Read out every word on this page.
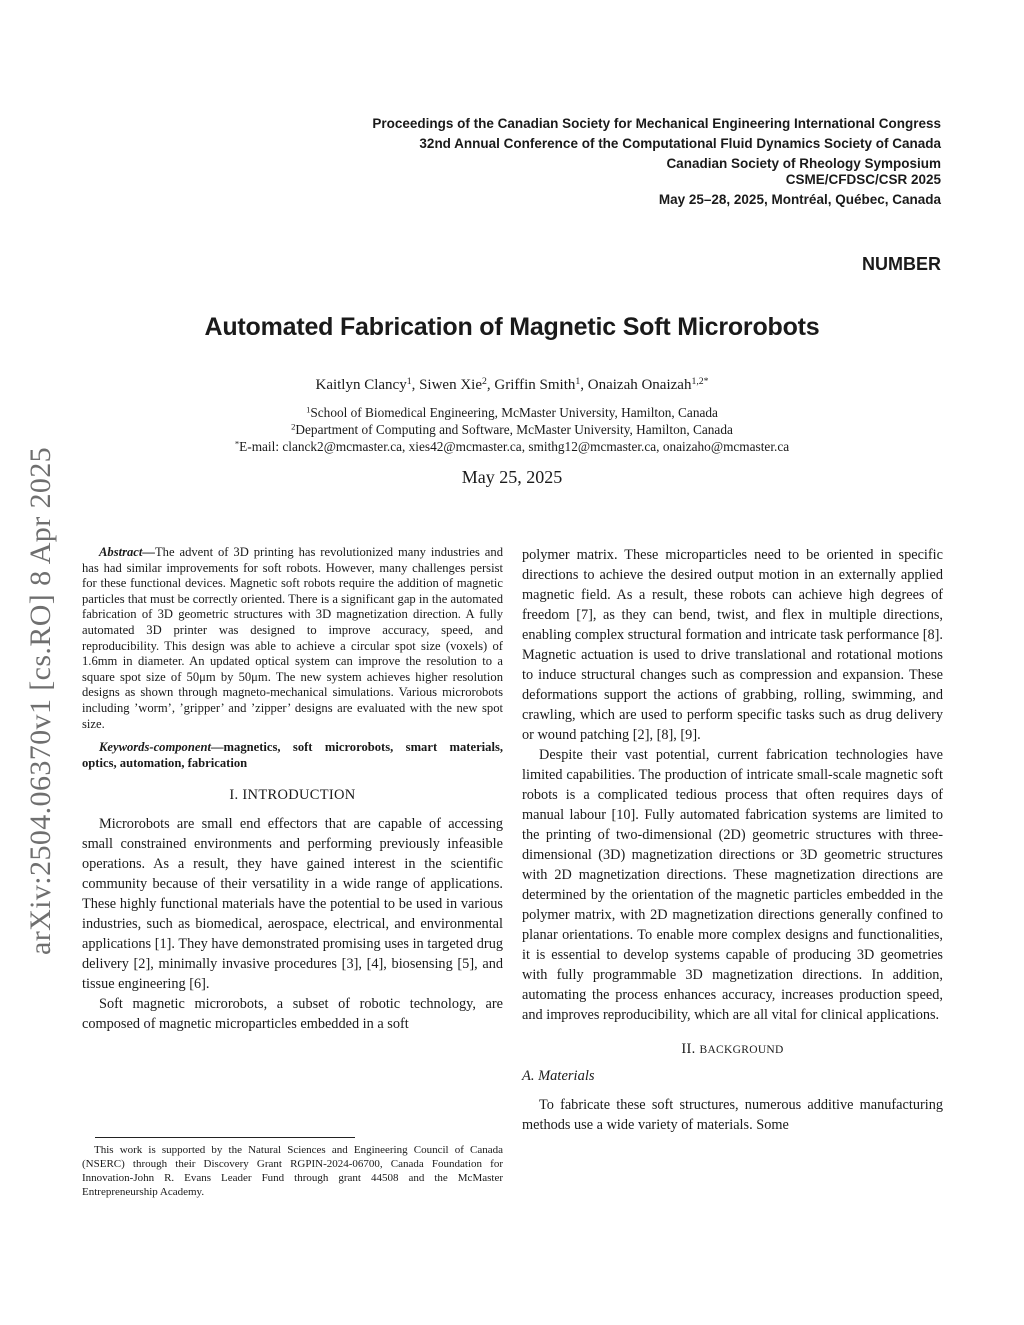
Proceedings of the Canadian Society for Mechanical Engineering International Congress
32nd Annual Conference of the Computational Fluid Dynamics Society of Canada
Canadian Society of Rheology Symposium
CSME/CFDSC/CSR 2025
May 25–28, 2025, Montréal, Québec, Canada
NUMBER
Automated Fabrication of Magnetic Soft Microrobots
Kaitlyn Clancy$^1$, Siwen Xie$^2$, Griffin Smith$^1$, Onaizah Onaizah$^{1,2*}$
$^1$School of Biomedical Engineering, McMaster University, Hamilton, Canada
$^2$Department of Computing and Software, McMaster University, Hamilton, Canada
*E-mail: clanck2@mcmaster.ca, xies42@mcmaster.ca, smithg12@mcmaster.ca, onaizaho@mcmaster.ca
May 25, 2025
arXiv:2504.06370v1 [cs.RO] 8 Apr 2025	Abstract—The advent of 3D printing has revolutionized many industries and has had similar improvements for soft robots. However, many challenges persist for these functional devices. Magnetic soft robots require the addition of magnetic particles that must be correctly oriented. There is a significant gap in the automated fabrication of 3D geometric structures with 3D magnetization direction. A fully automated 3D printer was designed to improve accuracy, speed, and reproducibility. This design was able to achieve a circular spot size (voxels) of 1.6mm in diameter. An updated optical system can improve the resolution to a square spot size of 50μm by 50μm. The new system achieves higher resolution designs as shown through magneto-mechanical simulations. Various microrobots including ’worm’, ’gripper’ and ’zipper’ designs are evaluated with the new spot size.

Keywords-component—magnetics, soft microrobots, smart materials, optics, automation, fabrication

I. INTRODUCTION

Microrobots are small end effectors that are capable of accessing small constrained environments and performing previously infeasible operations. As a result, they have gained interest in the scientific community because of their versatility in a wide range of applications. These highly functional materials have the potential to be used in various industries, such as biomedical, aerospace, electrical, and environmental applications [1]. They have demonstrated promising uses in targeted drug delivery [2], minimally invasive procedures [3], [4], biosensing [5], and tissue engineering [6].

Soft magnetic microrobots, a subset of robotic technology, are composed of magnetic microparticles embedded in a soft

This work is supported by the Natural Sciences and Engineering Council of Canada (NSERC) through their Discovery Grant RGPIN-2024-06700, Canada Foundation for Innovation-John R. Evans Leader Fund through grant 44508 and the McMaster Entrepreneurship Academy.

polymer matrix. These microparticles need to be oriented in specific directions to achieve the desired output motion in an externally applied magnetic field. As a result, these robots can achieve high degrees of freedom [7], as they can bend, twist, and flex in multiple directions, enabling complex structural formation and intricate task performance [8]. Magnetic actuation is used to drive translational and rotational motions to induce structural changes such as compression and expansion. These deformations support the actions of grabbing, rolling, swimming, and crawling, which are used to perform specific tasks such as drug delivery or wound patching [2], [8], [9].

Despite their vast potential, current fabrication technologies have limited capabilities. The production of intricate small-scale magnetic soft robots is a complicated tedious process that often requires days of manual labour [10]. Fully automated fabrication systems are limited to the printing of two-dimensional (2D) geometric structures with three-dimensional (3D) magnetization directions or 3D geometric structures with 2D magnetization directions. These magnetization directions are determined by the orientation of the magnetic particles embedded in the polymer matrix, with 2D magnetization directions generally confined to planar orientations. To enable more complex designs and functionalities, it is essential to develop systems capable of producing 3D geometries with fully programmable 3D magnetization directions. In addition, automating the process enhances accuracy, increases production speed, and improves reproducibility, which are all vital for clinical applications.

II. BACKGROUND
A. Materials

To fabricate these soft structures, numerous additive manufacturing methods use a wide variety of materials. Some
